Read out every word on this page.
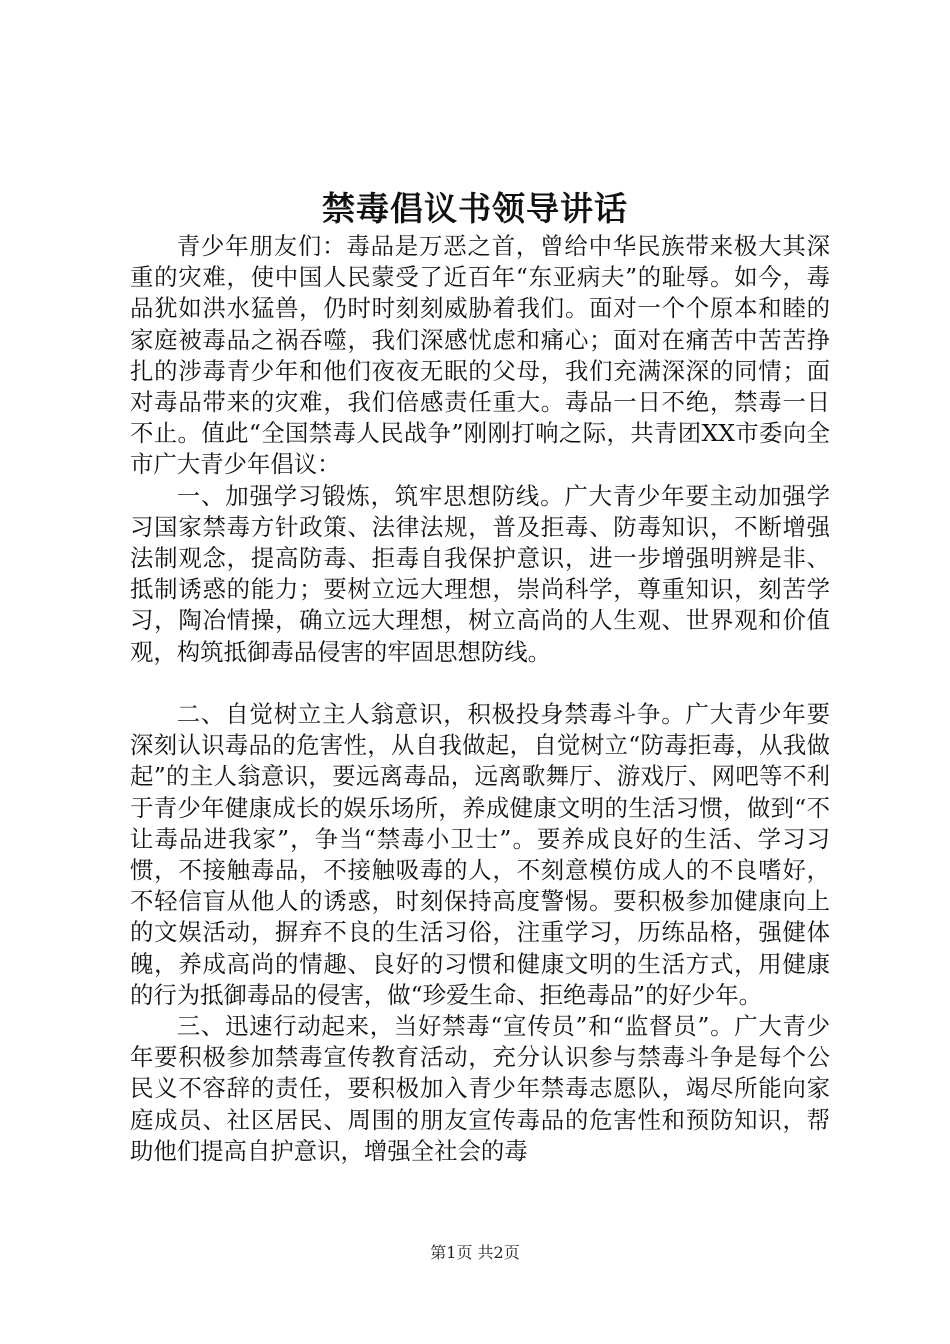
禁毒倡议书领导讲话

青少年朋友们：毒品是万恶之首，曾给中华民族带来极大其深重的灾难，使中国人民蒙受了近百年“东亚病夫”的耻辱。如今，毒品犹如洪水猛兽，仍时时刻刻威胁着我们。面对一个个原本和睦的家庭被毒品之祸吞噬，我们深感忧虑和痛心；面对在痛苦中苦苦挣扎的涉毒青少年和他们夜夜无眠的父母，我们充满深深的同情；面对毒品带来的灾难，我们倍感责任重大。毒品一日不绝，禁毒一日不止。值此“全国禁毒人民战争”刚刚打响之际，共青团XX市委向全市广大青少年倡议：

一、加强学习锻炼，筑牢思想防线。广大青少年要主动加强学习国家禁毒方针政策、法律法规，普及拒毒、防毒知识，不断增强法制观念，提高防毒、拒毒自我保护意识，进一步增强明辨是非、抵制诱惑的能力；要树立远大理想，崇尚科学，尊重知识，刻苦学习，陶冶情操，确立远大理想，树立高尚的人生观、世界观和价值观，构筑抵御毒品侵害的牢固思想防线。

二、自觉树立主人翁意识，积极投身禁毒斗争。广大青少年要深刻认识毒品的危害性，从自我做起，自觉树立“防毒拒毒，从我做起”的主人翁意识，要远离毒品，远离歌舞厅、游戏厅、网吧等不利于青少年健康成长的娱乐场所，养成健康文明的生活习惯，做到“不让毒品进我家”，争当“禁毒小卫士”。要养成良好的生活、学习习惯，不接触毒品，不接触吸毒的人，不刻意模仿成人的不良嗜好，不轻信盲从他人的诱惑，时刻保持高度警惕。要积极参加健康向上的文娱活动，摒弃不良的生活习俗，注重学习，历练品格，强健体魄，养成高尚的情趣、良好的习惯和健康文明的生活方式，用健康的行为抵御毒品的侵害，做“珍爱生命、拒绝毒品”的好少年。

三、迅速行动起来，当好禁毒“宣传员”和“监督员”。广大青少年要积极参加禁毒宣传教育活动，充分认识参与禁毒斗争是每个公民义不容辞的责任，要积极加入青少年禁毒志愿队，竭尽所能向家庭成员、社区居民、周围的朋友宣传毒品的危害性和预防知识，帮助他们提高自护意识，增强全社会的毒

第1页 共2页
